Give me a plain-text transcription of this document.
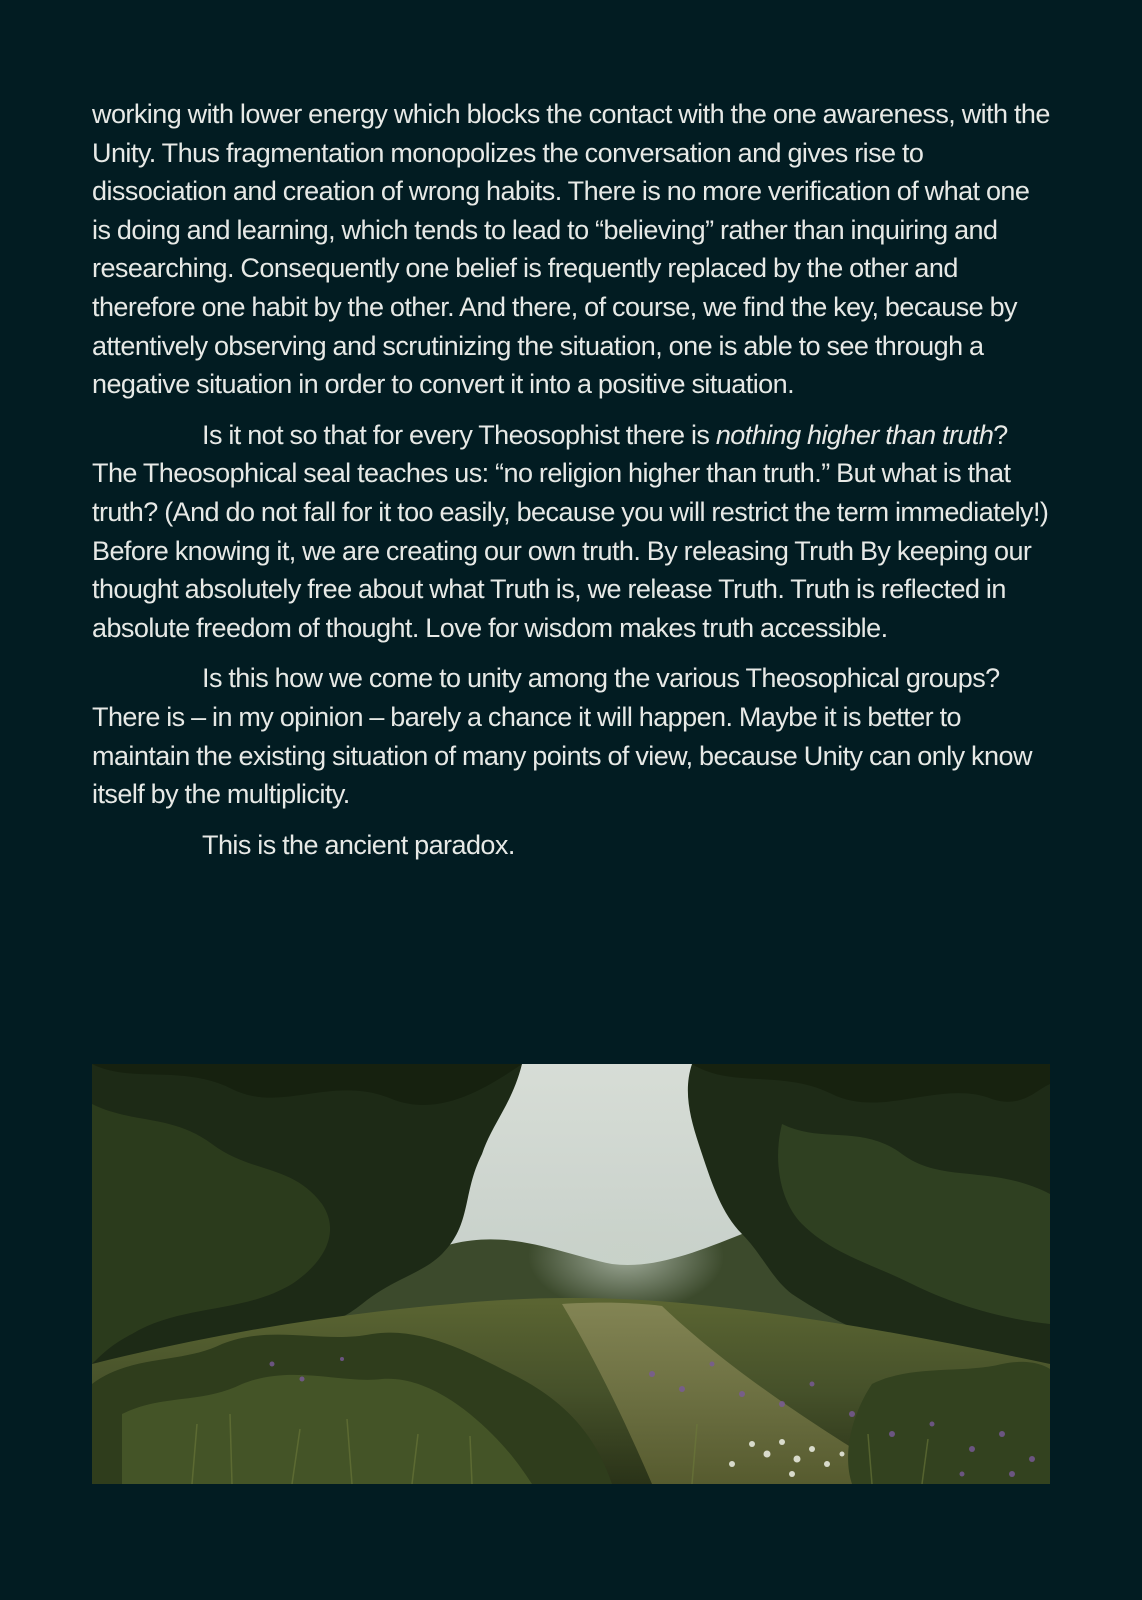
working with lower energy which blocks the contact with the one awareness, with the Unity. Thus fragmentation monopolizes the conversation and gives rise to dissociation and creation of wrong habits. There is no more verification of what one is doing and learning, which tends to lead to “believing” rather than inquiring and researching. Consequently one belief is frequently replaced by the other and therefore one habit by the other. And there, of course, we find the key, because by attentively observing and scrutinizing the situation, one is able to see through a negative situation in order to convert it into a positive situation.

Is it not so that for every Theosophist there is nothing higher than truth? The Theosophical seal teaches us: “no religion higher than truth.” But what is that truth? (And do not fall for it too easily, because you will restrict the term immediately!) Before knowing it, we are creating our own truth. By releasing Truth By keeping our thought absolutely free about what Truth is, we release Truth. Truth is reflected in absolute freedom of thought. Love for wisdom makes truth accessible.

Is this how we come to unity among the various Theosophical groups? There is – in my opinion – barely a chance it will happen. Maybe it is better to maintain the existing situation of many points of view, because Unity can only know itself by the multiplicity.

This is the ancient paradox.
